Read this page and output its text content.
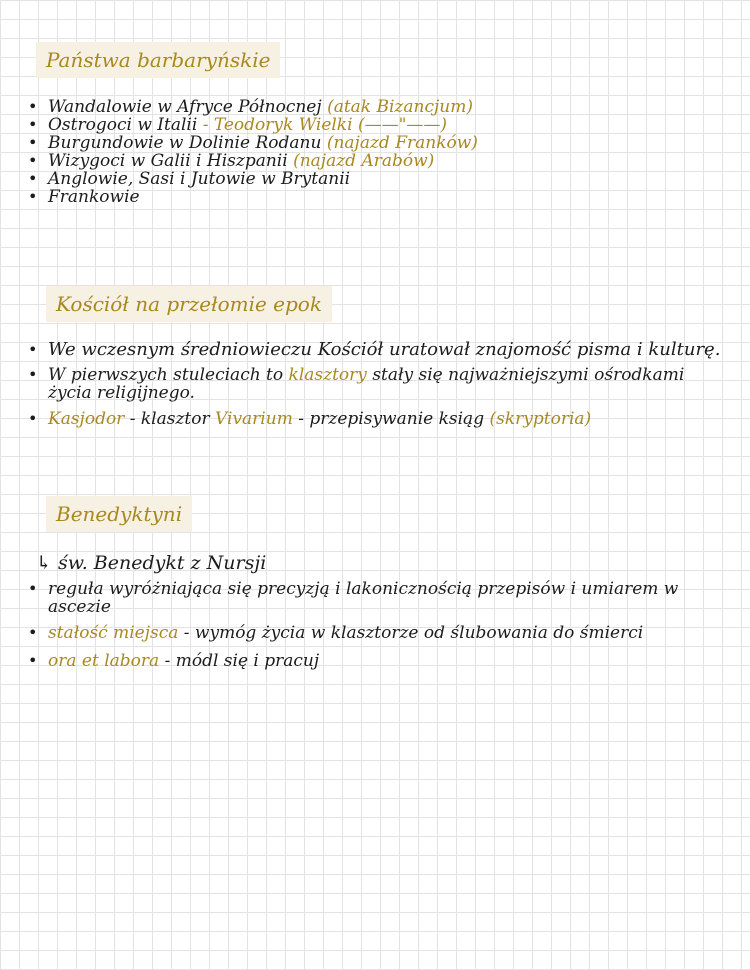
Państwa barbaryńskie
• Wandalowie w Afryce Północnej (atak Bizancjum)
• Ostrogoci w Italii - Teodoryk Wielki (——"——)
• Burgundowie w Dolinie Rodanu (najazd Franków)
• Wizygoci w Galii i Hiszpanii (najazd Arabów)
• Anglowie, Sasi i Jutowie w Brytanii
• Frankowie
Kościół na przełomie epok
• We wczesnym średniowieczu Kościół uratował znajomość pisma i kulturę.
• W pierwszych stuleciach to klasztory stały się najważniejszymi ośrodkami życia religijnego.
• Kasjodor - klasztor Vivarium - przepisywanie ksiąg (skryptoria)
Benedyktyni
↳ św. Benedykt z Nursji
• reguła wyróżniająca się precyzją i lakonicznością przepisów i umiarem w ascezie
• stałość miejsca - wymóg życia w klasztorze od ślubowania do śmierci
• ora et labora - módl się i pracuj
